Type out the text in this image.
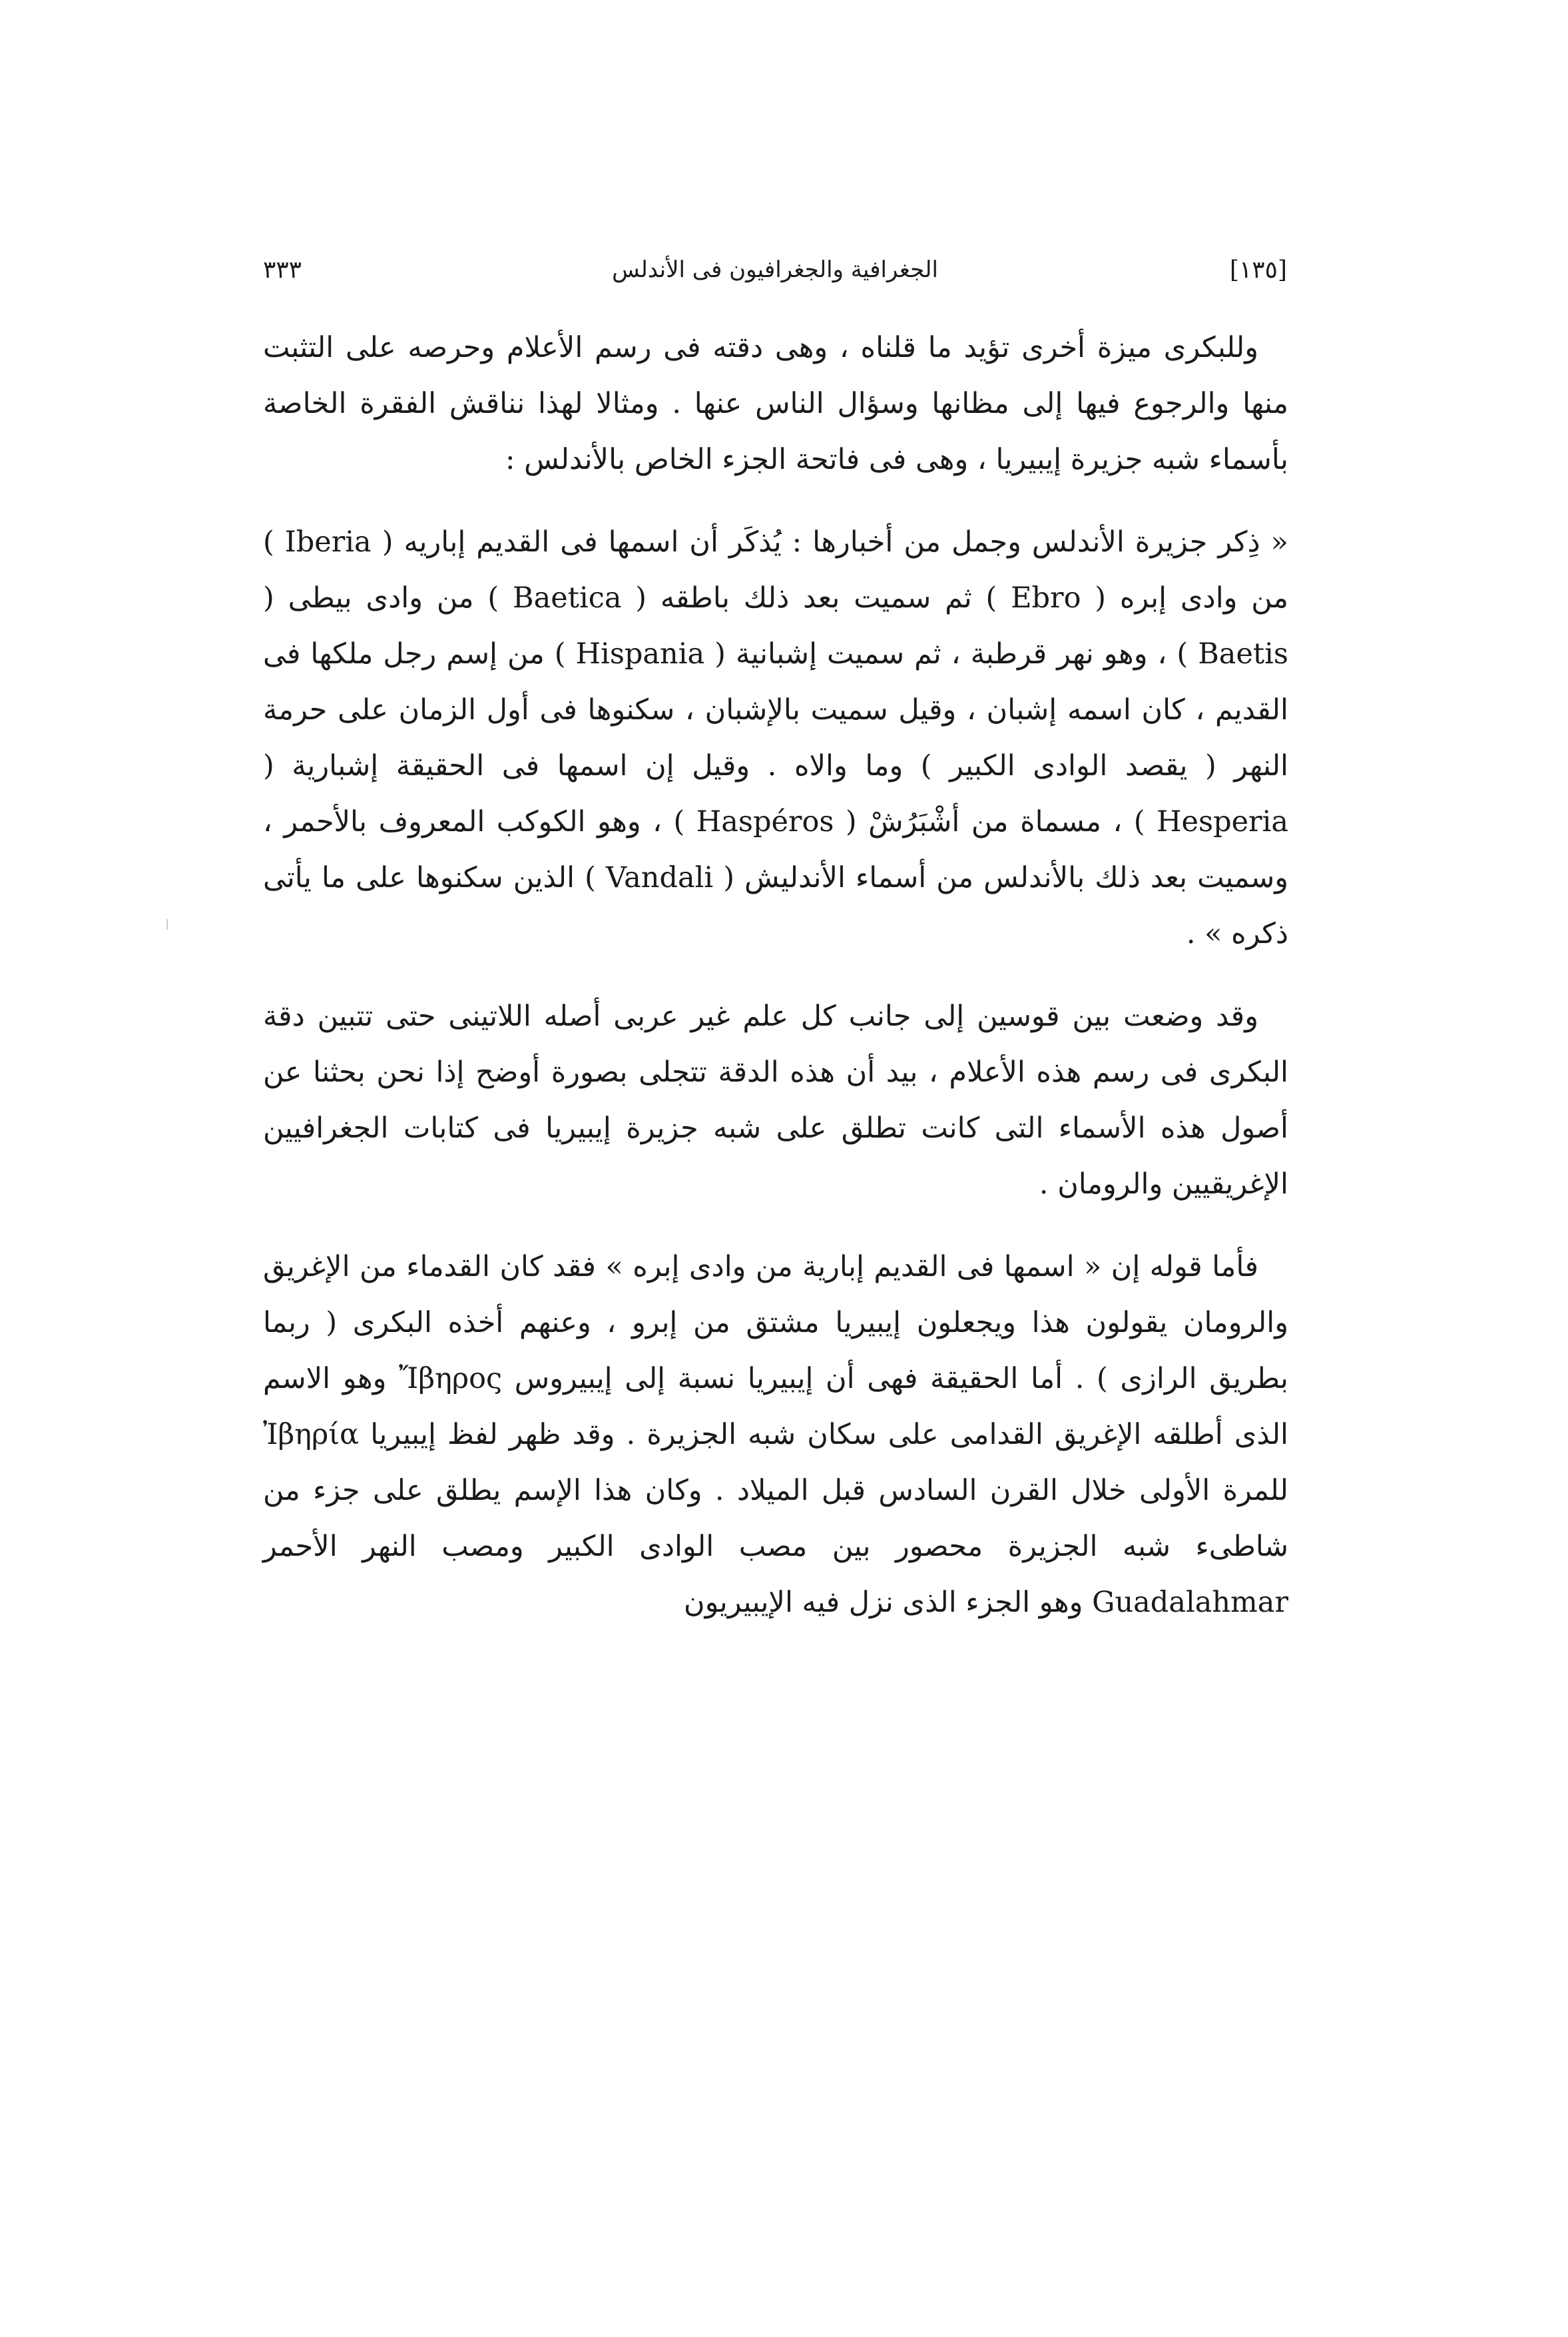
[١٣٥]
الجغرافية والجغرافيون فى الأندلس
٣٣٣

وللبكرى ميزة أخرى تؤيد ما قلناه ، وهى دقته فى رسم الأعلام وحرصه على التثبت منها والرجوع فيها إلى مظانها وسؤال الناس عنها . ومثالا لهذا نناقش الفقرة الخاصة بأسماء شبه جزيرة إيبيريا ، وهى فى فاتحة الجزء الخاص بالأندلس :

« ذِكر جزيرة الأندلس وجمل من أخبارها : يُذكَر أن اسمها فى القديم إباريه ( Iberia ) من وادى إبره ( Ebro ) ثم سميت بعد ذلك باطقه ( Baetica ) من وادى بيطى ( Baetis ) ، وهو نهر قرطبة ، ثم سميت إشبانية ( Hispania ) من إسم رجل ملكها فى القديم ، كان اسمه إشبان ، وقيل سميت بالإشبان ، سكنوها فى أول الزمان على حرمة النهر ( يقصد الوادى الكبير ) وما والاه . وقيل إن اسمها فى الحقيقة إشبارية ( Hesperia ) ، مسماة من أشْبَرُشْ ( Haspéros ) ، وهو الكوكب المعروف بالأحمر ، وسميت بعد ذلك بالأندلس من أسماء الأندليش ( Vandali ) الذين سكنوها على ما يأتى ذكره » .

وقد وضعت بين قوسين إلى جانب كل علم غير عربى أصله اللاتينى حتى تتبين دقة البكرى فى رسم هذه الأعلام ، بيد أن هذه الدقة تتجلى بصورة أوضح إذا نحن بحثنا عن أصول هذه الأسماء التى كانت تطلق على شبه جزيرة إيبيريا فى كتابات الجغرافيين الإغريقيين والرومان .

فأما قوله إن « اسمها فى القديم إبارية من وادى إبره » فقد كان القدماء من الإغريق والرومان يقولون هذا ويجعلون إيبيريا مشتق من إبرو ، وعنهم أخذه البكرى ( ربما بطريق الرازى ) . أما الحقيقة فهى أن إيبيريا نسبة إلى إيبيروس Ἴβηρος وهو الاسم الذى أطلقه الإغريق القدامى على سكان شبه الجزيرة . وقد ظهر لفظ إيبيريا Ἰβηρία للمرة الأولى خلال القرن السادس قبل الميلاد . وكان هذا الإسم يطلق على جزء من شاطىء شبه الجزيرة محصور بين مصب الوادى الكبير ومصب النهر الأحمر Guadalahmar وهو الجزء الذى نزل فيه الإيبيريون
